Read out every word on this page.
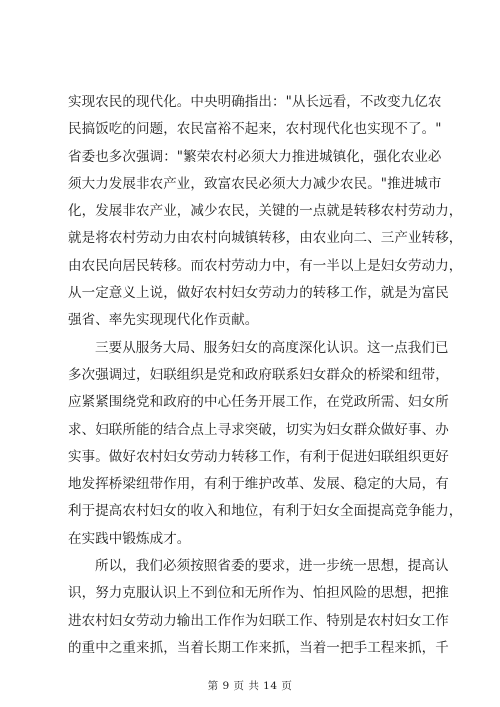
实现农民的现代化。中央明确指出："从长远看，不改变九亿农
民搞饭吃的问题，农民富裕不起来，农村现代化也实现不了。"
省委也多次强调："繁荣农村必须大力推进城镇化，强化农业必
须大力发展非农产业，致富农民必须大力减少农民。"推进城市
化，发展非农产业，减少农民，关键的一点就是转移农村劳动力，
就是将农村劳动力由农村向城镇转移，由农业向二、三产业转移，
由农民向居民转移。而农村劳动力中，有一半以上是妇女劳动力，
从一定意义上说，做好农村妇女劳动力的转移工作，就是为富民
强省、率先实现现代化作贡献。
三要从服务大局、服务妇女的高度深化认识。这一点我们已
多次强调过，妇联组织是党和政府联系妇女群众的桥梁和纽带，
应紧紧围绕党和政府的中心任务开展工作，在党政所需、妇女所
求、妇联所能的结合点上寻求突破，切实为妇女群众做好事、办
实事。做好农村妇女劳动力转移工作，有利于促进妇联组织更好
地发挥桥梁纽带作用，有利于维护改革、发展、稳定的大局，有
利于提高农村妇女的收入和地位，有利于妇女全面提高竞争能力，
在实践中锻炼成才。
所以，我们必须按照省委的要求，进一步统一思想，提高认
识，努力克服认识上不到位和无所作为、怕担风险的思想，把推
进农村妇女劳动力输出工作作为妇联工作、特别是农村妇女工作
的重中之重来抓，当着长期工作来抓，当着一把手工程来抓，千
第 9 页 共 14 页
